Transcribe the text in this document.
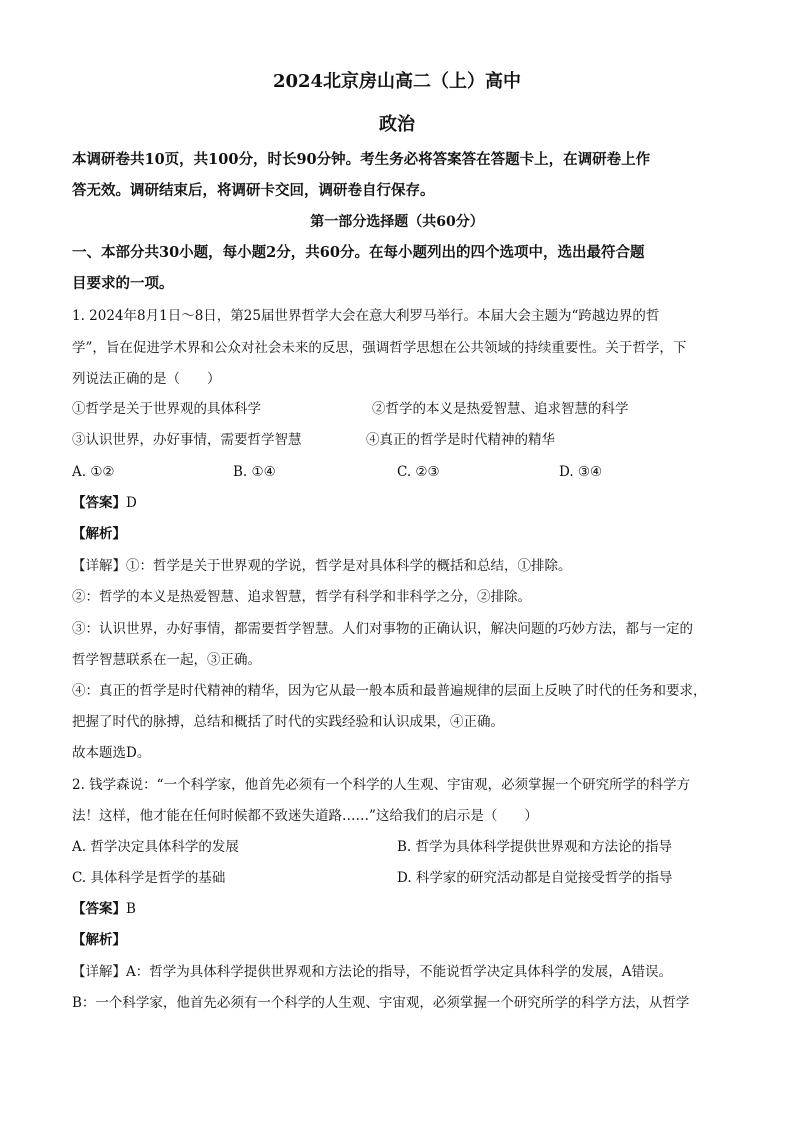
2024北京房山高二（上）高中
政治
本调研卷共10页，共100分，时长90分钟。考生务必将答案答在答题卡上，在调研卷上作
答无效。调研结束后，将调研卡交回，调研卷自行保存。
第一部分选择题（共60分）
一、本部分共30小题，每小题2分，共60分。在每小题列出的四个选项中，选出最符合题
目要求的一项。
1. 2024年8月1日～8日，第25届世界哲学大会在意大利罗马举行。本届大会主题为“跨越边界的哲
学”，旨在促进学术界和公众对社会未来的反思，强调哲学思想在公共领域的持续重要性。关于哲学，下
列说法正确的是（　　）
①哲学是关于世界观的具体科学	②哲学的本义是热爱智慧、追求智慧的科学
③认识世界，办好事情，需要哲学智慧	④真正的哲学是时代精神的精华
A. ①②	B. ①④	C. ②③	D. ③④
【答案】D
【解析】
【详解】①：哲学是关于世界观的学说，哲学是对具体科学的概括和总结，①排除。
②：哲学的本义是热爱智慧、追求智慧，哲学有科学和非科学之分，②排除。
③：认识世界，办好事情，都需要哲学智慧。人们对事物的正确认识，解决问题的巧妙方法，都与一定的
哲学智慧联系在一起，③正确。
④：真正的哲学是时代精神的精华，因为它从最一般本质和最普遍规律的层面上反映了时代的任务和要求，
把握了时代的脉搏，总结和概括了时代的实践经验和认识成果，④正确。
故本题选D。
2. 钱学森说：“一个科学家，他首先必须有一个科学的人生观、宇宙观，必须掌握一个研究所学的科学方
法！这样，他才能在任何时候都不致迷失道路……”这给我们的启示是（　　）
A. 哲学决定具体科学的发展	B. 哲学为具体科学提供世界观和方法论的指导
C. 具体科学是哲学的基础	D. 科学家的研究活动都是自觉接受哲学的指导
【答案】B
【解析】
【详解】A：哲学为具体科学提供世界观和方法论的指导，不能说哲学决定具体科学的发展，A错误。
B：一个科学家，他首先必须有一个科学的人生观、宇宙观，必须掌握一个研究所学的科学方法，从哲学
